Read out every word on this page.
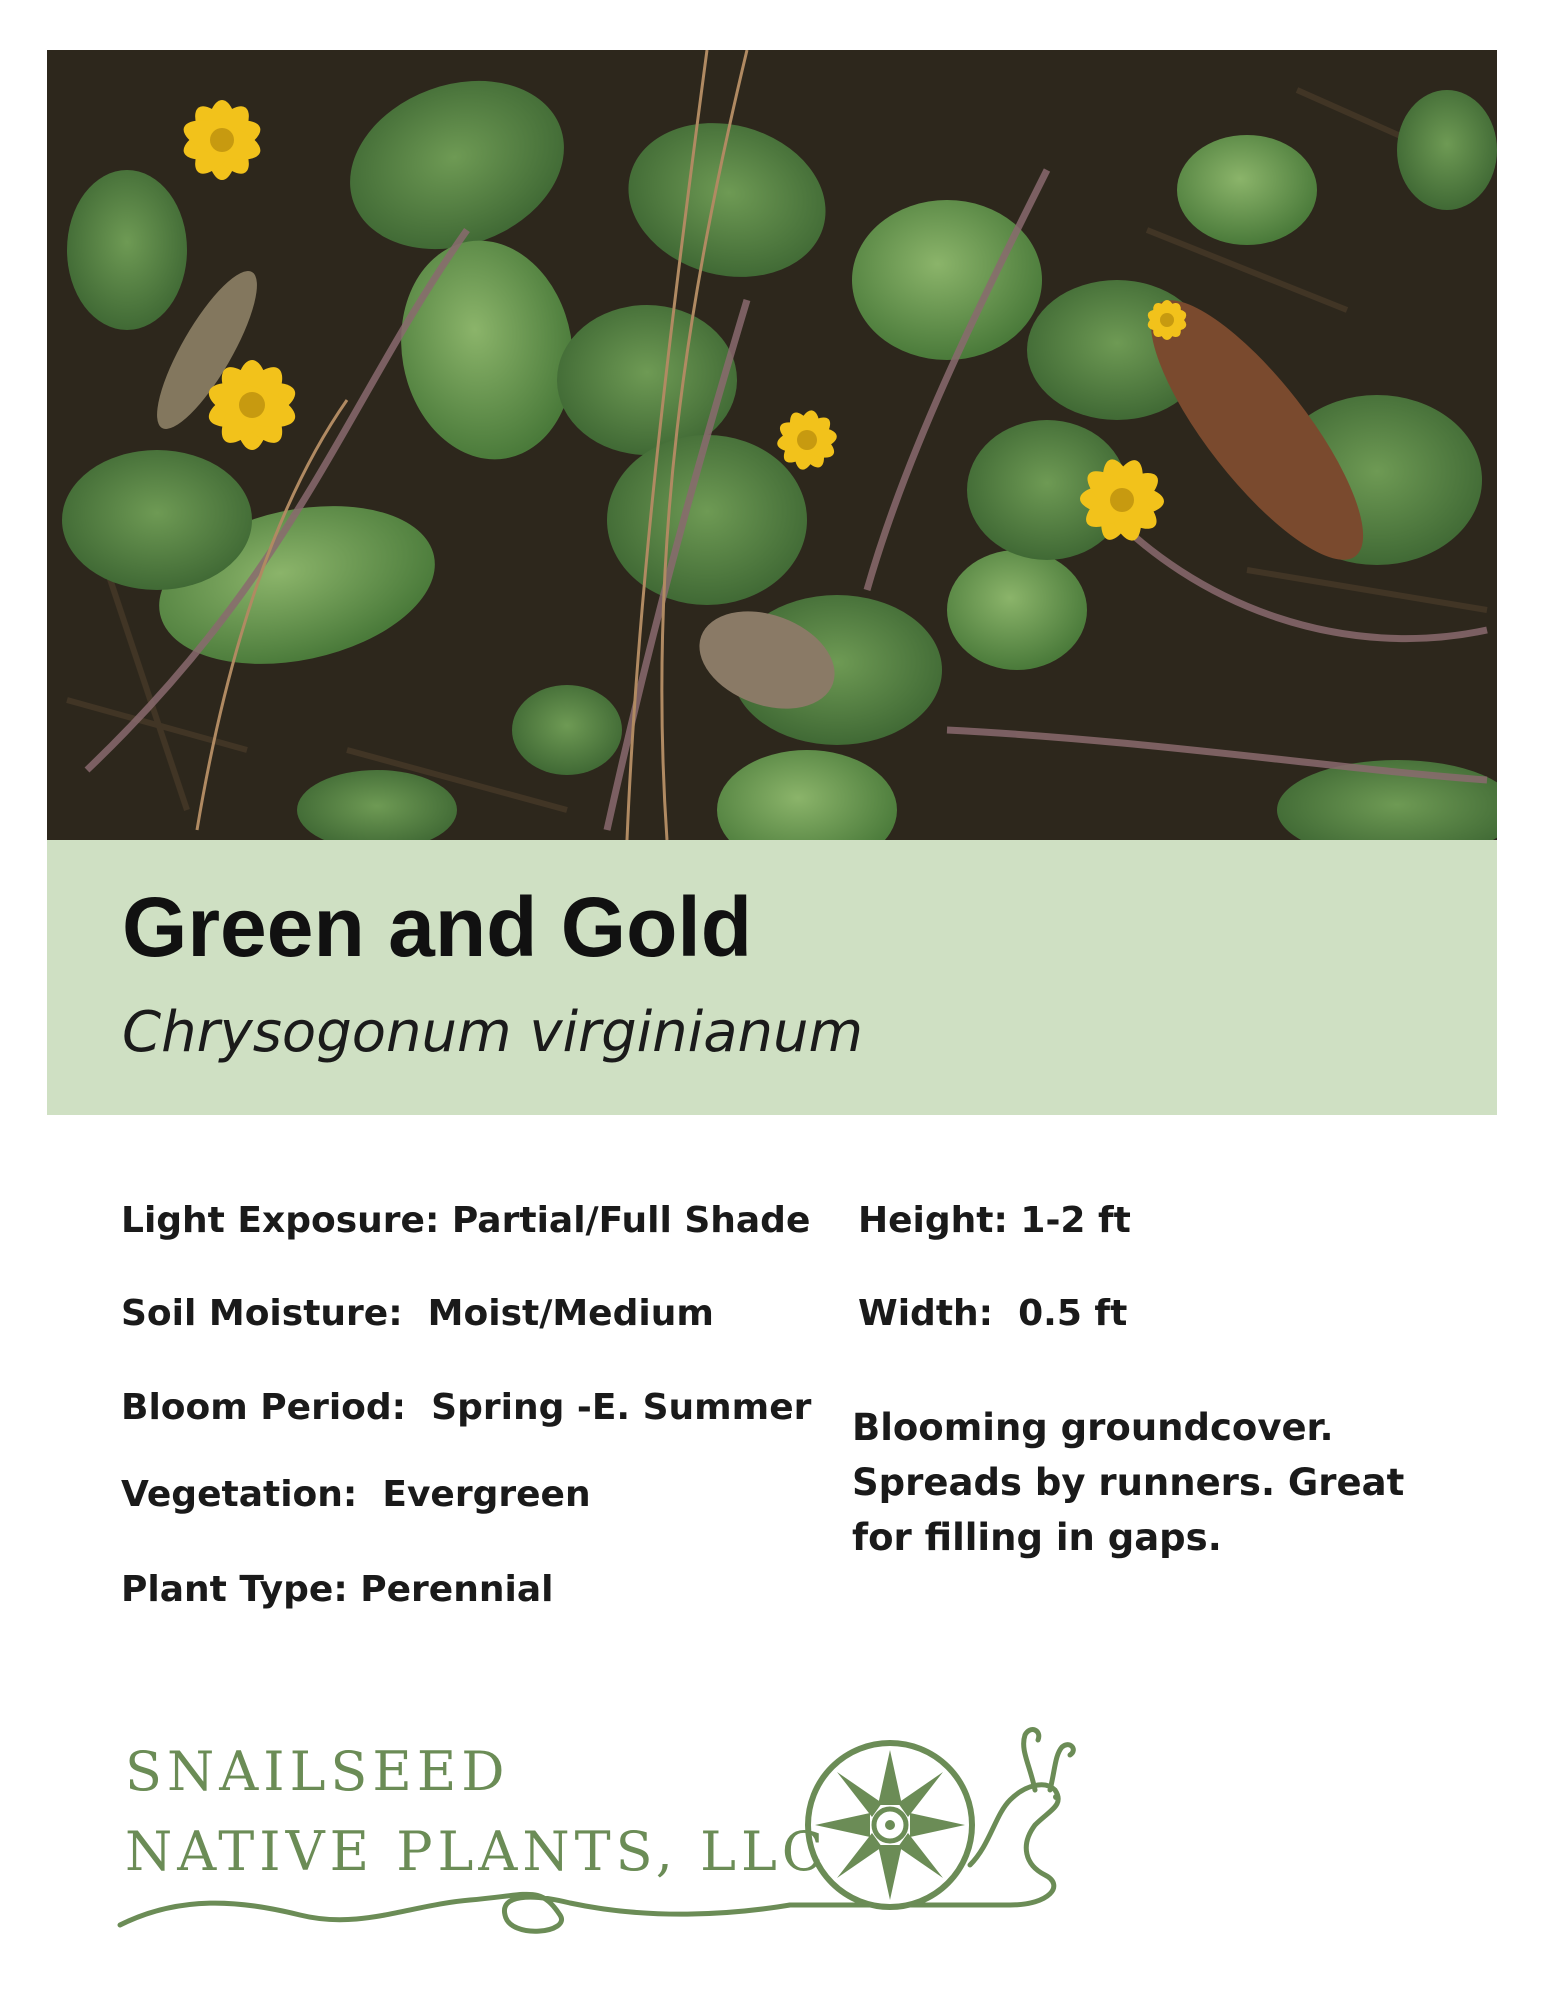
Green and Gold
Chrysogonum virginianum
Light Exposure: Partial/Full Shade
Soil Moisture:  Moist/Medium
Bloom Period:  Spring -E. Summer
Vegetation:  Evergreen
Plant Type: Perennial
Height: 1-2 ft
Width:  0.5 ft
Blooming groundcover. Spreads by runners. Great for filling in gaps.
SNAILSEED
NATIVE PLANTS, LLC
